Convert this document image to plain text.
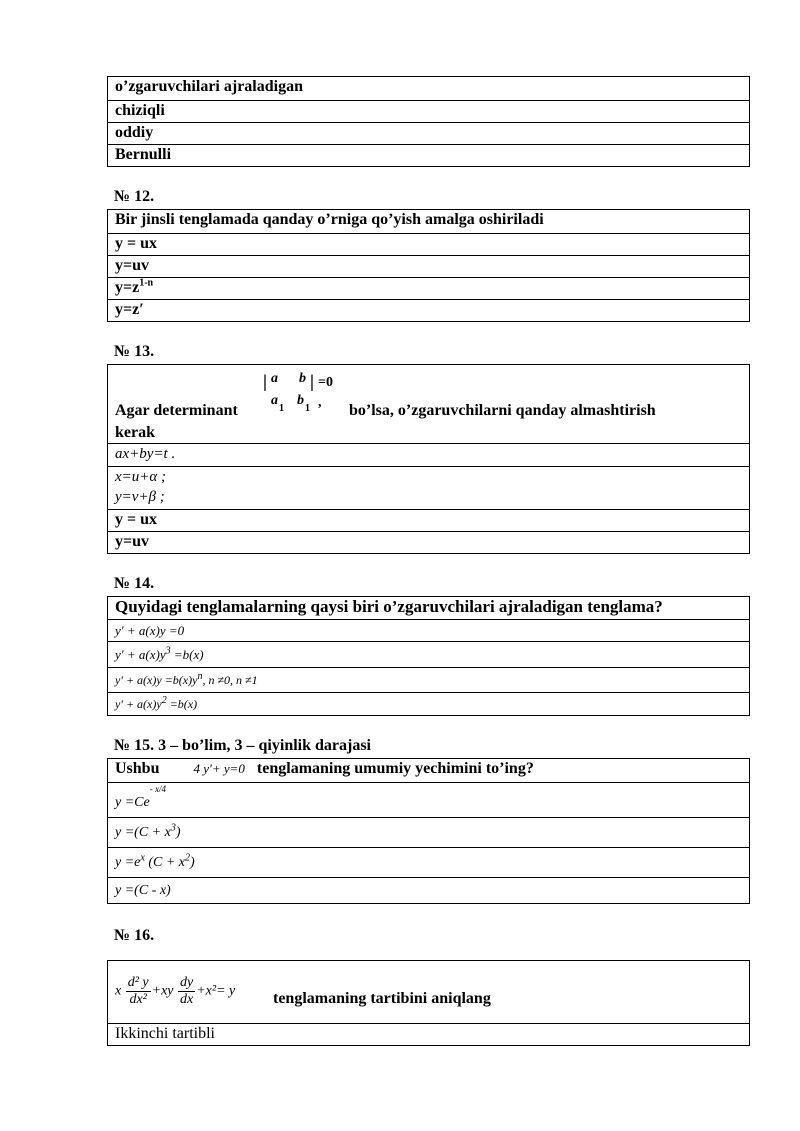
o’zgaruvchilari ajraladigan
chiziqli
oddiy
Bernulli
№ 12.
Bir jinsli tenglamada qanday o’rniga qo’yish amalga oshiriladi
y = ux
y=uv
$y=z^{1-n}$
y=z′
№ 13.
Agar determinant
| a b | =0 ,
a
1
b
1 bo’lsa, o’zgaruvchilarni qanday almashtirish
kerak
ax+by=t .
x=u+α ;
y=v+β ;
y = ux
y=uv
№ 14.
Quyidagi tenglamalarning qaysi biri o’zgaruvchilari ajraladigan tenglama?
y′ + a(x)y =0
$y' + a(x)y^3 =b(x)$
$y' + a(x)y =b(x)y^n$, n ≠0, n ≠1
$y' + a(x)y^2 =b(x)$
№ 15. 3 – bo’lim, 3 – qiyinlik darajasi
Ushbu	4 y′+ y=0 tenglamaning umumiy yechimini to’ing?
$y =Ce^{- x/4}$
$y =(C + x^3)$
$y =e^x$ $(C + x^2)$
y =(C - x)
№ 16.
x $\frac{\text{d² y}}{\text{dx²}} +xy \frac{dy}{dx} +x^2= y$ tenglamaning tartibini aniqlang
Ikkinchi tartibli
